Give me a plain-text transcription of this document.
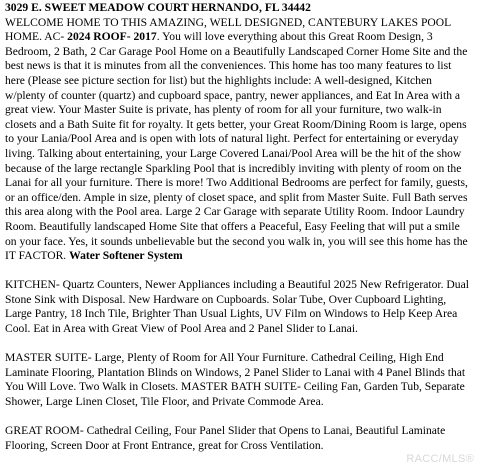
3029 E. SWEET MEADOW COURT HERNANDO, FL 34442
WELCOME HOME TO THIS AMAZING, WELL DESIGNED, CANTEBURY LAKES POOL HOME. AC- 2024 ROOF- 2017. You will love everything about this Great Room Design, 3 Bedroom, 2 Bath, 2 Car Garage Pool Home on a Beautifully Landscaped Corner Home Site and the best news is that it is minutes from all the conveniences. This home has too many features to list here (Please see picture section for list) but the highlights include: A well-designed, Kitchen w/plenty of counter (quartz) and cupboard space, pantry, newer appliances, and Eat In Area with a great view. Your Master Suite is private, has plenty of room for all your furniture, two walk-in closets and a Bath Suite fit for royalty. It gets better, your Great Room/Dining Room is large, opens to your Lania/Pool Area and is open with lots of natural light. Perfect for entertaining or everyday living. Talking about entertaining, your Large Covered Lanai/Pool Area will be the hit of the show because of the large rectangle Sparkling Pool that is incredibly inviting with plenty of room on the Lanai for all your furniture. There is more! Two Additional Bedrooms are perfect for family, guests, or an office/den. Ample in size, plenty of closet space, and split from Master Suite. Full Bath serves this area along with the Pool area. Large 2 Car Garage with separate Utility Room. Indoor Laundry Room. Beautifully landscaped Home Site that offers a Peaceful, Easy Feeling that will put a smile on your face. Yes, it sounds unbelievable but the second you walk in, you will see this home has the IT FACTOR. Water Softener System
KITCHEN- Quartz Counters, Newer Appliances including a Beautiful 2025 New Refrigerator. Dual Stone Sink with Disposal. New Hardware on Cupboards. Solar Tube, Over Cupboard Lighting, Large Pantry, 18 Inch Tile, Brighter Than Usual Lights, UV Film on Windows to Help Keep Area Cool. Eat in Area with Great View of Pool Area and 2 Panel Slider to Lanai.
MASTER SUITE- Large, Plenty of Room for All Your Furniture. Cathedral Ceiling, High End Laminate Flooring, Plantation Blinds on Windows, 2 Panel Slider to Lanai with 4 Panel Blinds that You Will Love. Two Walk in Closets. MASTER BATH SUITE- Ceiling Fan, Garden Tub, Separate Shower, Large Linen Closet, Tile Floor, and Private Commode Area.
GREAT ROOM- Cathedral Ceiling, Four Panel Slider that Opens to Lanai, Beautiful Laminate Flooring, Screen Door at Front Entrance, great for Cross Ventilation.
RACC/MLS®
